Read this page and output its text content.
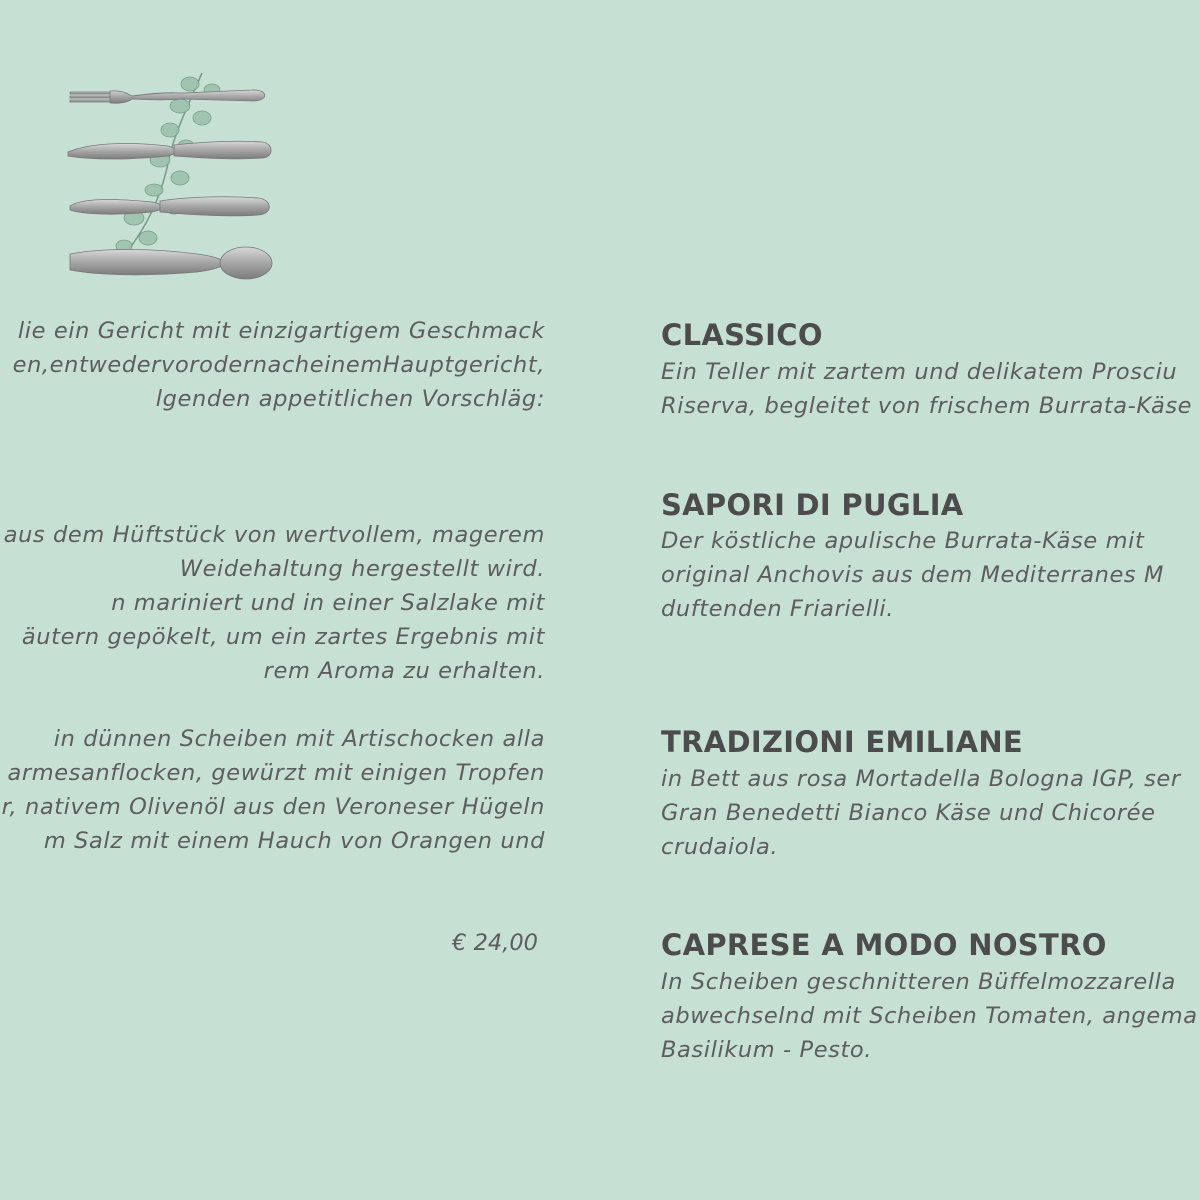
lie ein Gericht mit einzigartigem Geschmack
en,entwedervorodernacheinemHauptgericht,
lgenden appetitlichen Vorschläg:
aus dem Hüftstück von wertvollem, magerem
Weidehaltung hergestellt wird.
n mariniert und in einer Salzlake mit
äutern gepökelt, um ein zartes Ergebnis mit
rem Aroma zu erhalten.
in dünnen Scheiben mit Artischocken alla
armesanflocken, gewürzt mit einigen Tropfen
r, nativem Olivenöl aus den Veroneser Hügeln
m Salz mit einem Hauch von Orangen und
€ 24,00
CLASSICO
Ein Teller mit zartem und delikatem Prosciu
Riserva, begleitet von frischem Burrata-Käse
SAPORI DI PUGLIA
Der köstliche apulische Burrata-Käse mit
original Anchovis aus dem Mediterranes M
duftenden Friarielli.
TRADIZIONI EMILIANE
in Bett aus rosa Mortadella Bologna IGP, ser
Gran Benedetti Bianco Käse und Chicorée
crudaiola.
CAPRESE A MODO NOSTRO
In Scheiben geschnitteren Büffelmozzarella
abwechselnd mit Scheiben Tomaten, angema
Basilikum - Pesto.
